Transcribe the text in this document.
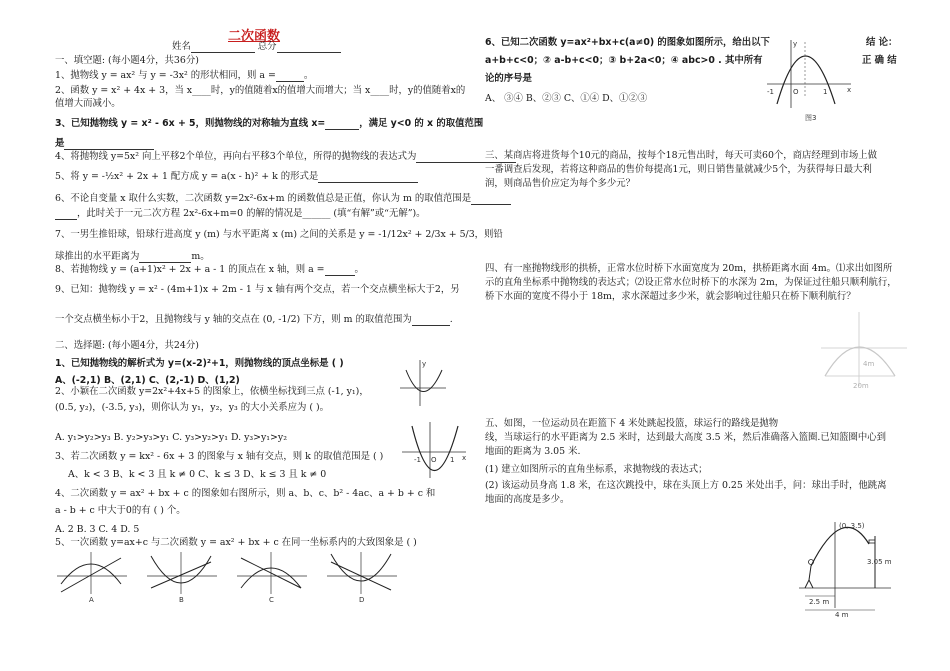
二次函数
姓名	总分
一、填空题: (每小题4分，共36分)
1、抛物线 y = ax² 与 y = -3x² 的形状相同，则 a =	。
2、函数 y = x² + 4x + 3，当 x____时，y的值随着x的值增大而增大；当 x____时，y的值随着x的
值增大而减小。
3、已知抛物线 y = x² - 6x + 5，则抛物线的对称轴为直线 x=	，满足 y<0 的 x 的取值范围
是
4、将抛物线 y=5x² 向上平移2个单位，再向右平移3个单位，所得的抛物线的表达式为
5、将 y = -½x² + 2x + 1 配方成 y = a(x - h)² + k 的形式是
6、不论自变量 x 取什么实数，二次函数 y=2x²-6x+m 的函数值总是正值，你认为 m 的取值范围是
，此时关于一元二次方程 2x²-6x+m=0 的解的情况是______ (填“有解”或“无解”)。
7、一男生推铅球，铅球行进高度 y (m) 与水平距离 x (m) 之间的关系是 y = -1/12x² + 2/3x + 5/3，则铅
球推出的水平距离为	m。
8、若抛物线 y = (a+1)x² + 2x + a - 1 的顶点在 x 轴，则 a =	。
9、已知：抛物线 y = x² - (4m+1)x + 2m - 1 与 x 轴有两个交点，若一个交点横坐标大于2，另
一个交点横坐标小于2，且抛物线与 y 轴的交点在 (0, -1/2) 下方，则 m 的取值范围为	.
二、选择题: (每小题4分，共24分)
1、已知抛物线的解析式为 y=(x-2)²+1，则抛物线的顶点坐标是 ( )
A、(-2,1) B、(2,1) C、(2,-1) D、(1,2)
2、小颖在二次函数 y=2x²+4x+5 的图象上，依横坐标找到三点 (-1, y₁)，
(0.5, y₂)，(-3.5, y₃)，则你认为 y₁，y₂，y₃ 的大小关系应为 ( )。
A. y₁>y₂>y₃ B. y₂>y₃>y₁ C. y₃>y₂>y₁ D. y₃>y₁>y₂
3、若二次函数 y = kx² - 6x + 3 的图象与 x 轴有交点，则 k 的取值范围是 ( )
A、k < 3 B、k < 3 且 k ≠ 0 C、k ≤ 3 D、k ≤ 3 且 k ≠ 0
4、二次函数 y = ax² + bx + c 的图象如右图所示，则 a、b、c、b² - 4ac、a + b + c 和
a - b + c 中大于0的有 ( ) 个。
A. 2 B. 3 C. 4 D. 5
5、一次函数 y=ax+c 与二次函数 y = ax² + bx + c 在同一坐标系内的大致图象是 ( )
y
-1 O 1 x
A	B	C	D
6、已知二次函数 y=ax²+bx+c(a≠0) 的图象如图所示，给出以下	结 论：
a+b+c<0；② a-b+c<0；③ b+2a<0；④ abc>0 . 其中所有	正 确 结
论的序号是
A、 ③④ B、②③ C、①④ D、①②③
-1	O	1	x
y
图3
三、某商店将进货每个10元的商品，按每个18元售出时，每天可卖60个，商店经理到市场上做
一番调查后发现，若将这种商品的售价每提高1元，则日销售量就减少5个，为获得每日最大利
润，则商品售价应定为每个多少元？
四、有一座抛物线形的拱桥，正常水位时桥下水面宽度为 20m，拱桥距离水面 4m。⑴求出如图所
示的直角坐标系中抛物线的表达式；⑵设正常水位时桥下的水深为 2m，为保证过往船只顺利航行，
桥下水面的宽度不得小于 18m，求水深超过多少米，就会影响过往船只在桥下顺利航行？
4m
20m
五、如图，一位运动员在距篮下 4 米处跳起投篮，球运行的路线是抛物
线，当球运行的水平距离为 2.5 米时，达到最大高度 3.5 米，然后准确落入篮圈.已知篮圈中心到
地面的距离为 3.05 米.
(1) 建立如图所示的直角坐标系，求抛物线的表达式；
(2) 该运动员身高 1.8 米，在这次跳投中，球在头顶上方 0.25 米处出手，问：球出手时，他跳离
地面的高度是多少。
(0, 3.5)
3.05 m
2.5 m
4 m
